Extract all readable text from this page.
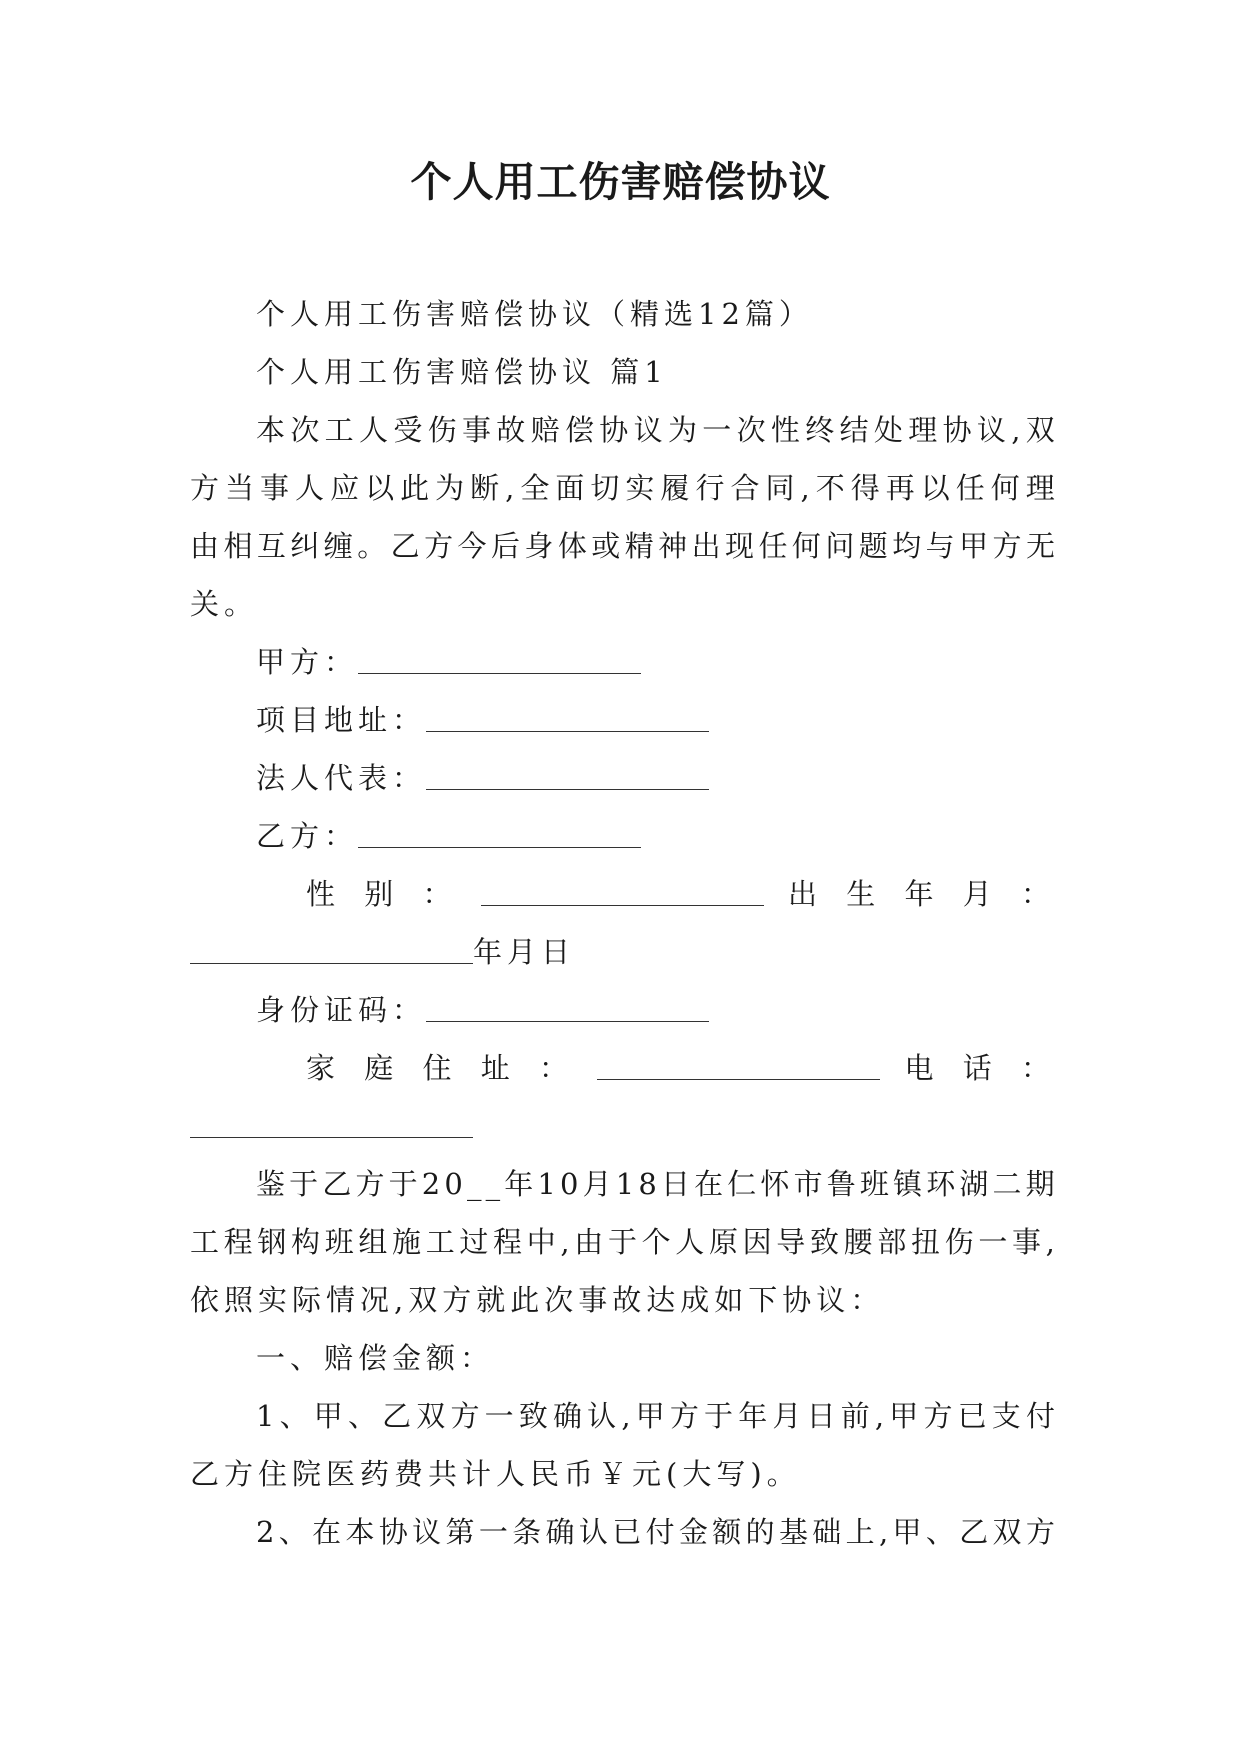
个人用工伤害赔偿协议
个人用工伤害赔偿协议（精选12篇）
个人用工伤害赔偿协议 篇1
本 次 工 人 受 伤 事 故 赔 偿 协 议 为 一 次 性 终 结 处 理 协 议 , 双
方 当 事 人 应 以 此 为 断 , 全 面 切 实 履 行 合 同 , 不 得 再 以 任 何 理
由 相 互 纠 缠 。 乙 方 今 后 身 体 或 精 神 出 现 任 何 问 题 均 与 甲 方 无
关。
甲方：
项目地址：
法人代表：
乙方：
性 别 ：	出 生 年 月 ：
年月日
身份证码：
家 庭 住 址 ：	电 话 ：
鉴 于 乙 方 于 2 0 _ _ 年 1 0 月 1 8 日 在 仁 怀 市 鲁 班 镇 环 湖 二 期
工 程 钢 构 班 组 施 工 过 程 中 , 由 于 个 人 原 因 导 致 腰 部 扭 伤 一 事 ,
依照实际情况,双方就此次事故达成如下协议：
一、赔偿金额：
1 、 甲 、 乙 双 方 一 致 确 认 , 甲 方 于 年 月 日 前 , 甲 方 已 支 付
乙方住院医药费共计人民币￥元(大写)。
2 、 在 本 协 议 第 一 条 确 认 已 付 金 额 的 基 础 上 , 甲 、 乙 双 方
